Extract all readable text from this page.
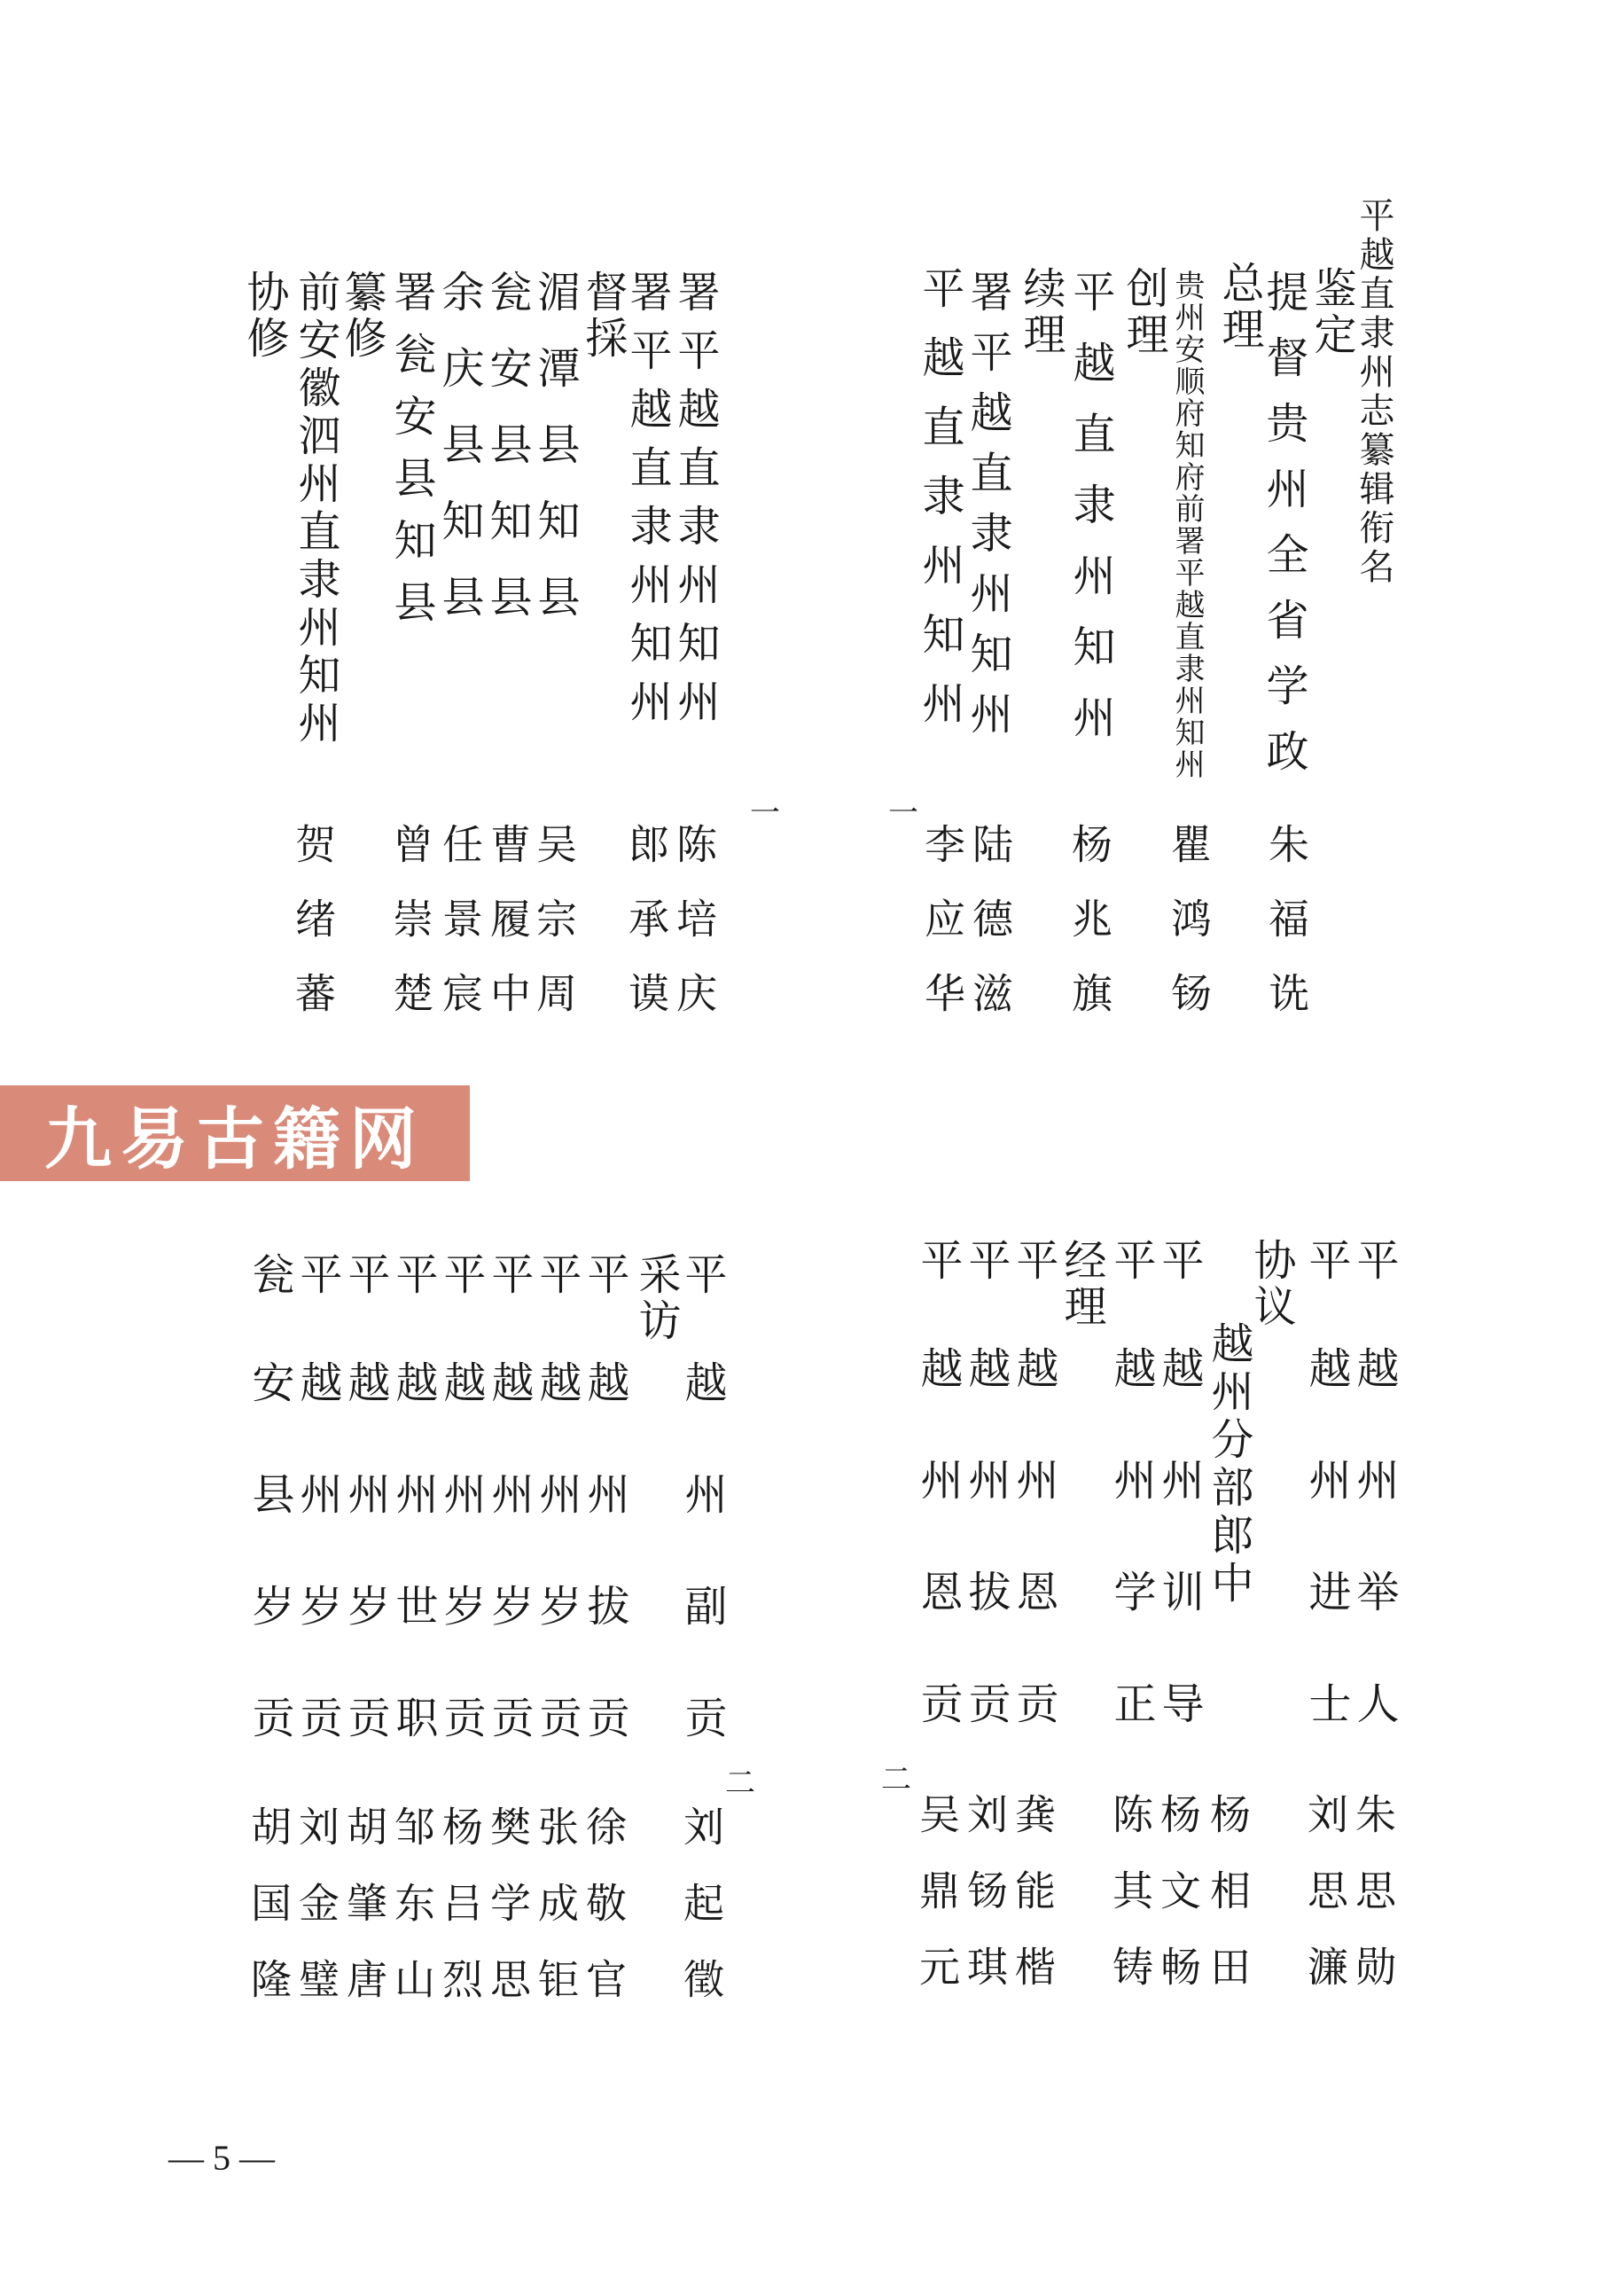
平越直隶州志纂辑衔名
鉴定
提督贵州全省学政
朱福诜
总理
贵州安顺府知府前署平越直隶州知州
瞿鸿钖
创理
平越直隶州知州
杨兆旗
续理
署平越直隶州知州
陆德滋
平越直隶州知州
李应华
一
一
署平越直隶州知州
陈培庆
署平越直隶州知州
郎承谟
督採
湄潭县知县
吴宗周
瓮安县知县
曹履中
余庆县知县
任景宸
署瓮安县知县
曾崇楚
纂修
前安徽泗州直隶州知州
贺绪蕃
协修
九易古籍网
平
越州举人
朱思勋
平
越州进士
刘思濂
协议
越州分部郎中
杨相田
平
越州训导
杨文畅
平
越州学正
陈其铸
经理
平
越州恩贡
龚能楷
平
越州拔贡
刘钖琪
平
越州恩贡
吴鼎元
二
二
平
越州副贡
刘起徵
采访
平
越州拔贡
徐敬官
平
越州岁贡
张成钜
平
越州岁贡
樊学思
平
越州岁贡
杨吕烈
平
越州世职
邹东山
平
越州岁贡
胡肇唐
平
越州岁贡
刘金璧
瓮
安县岁贡
胡国隆
— 5 —
